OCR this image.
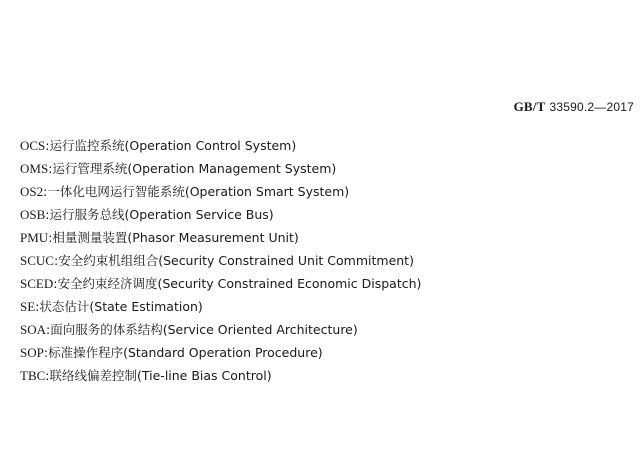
GB/T 33590.2—2017
OCS:运行监控系统(Operation Control System)
OMS:运行管理系统(Operation Management System)
OS2:一体化电网运行智能系统(Operation Smart System)
OSB:运行服务总线(Operation Service Bus)
PMU:相量测量装置(Phasor Measurement Unit)
SCUC:安全约束机组组合(Security Constrained Unit Commitment)
SCED:安全约束经济调度(Security Constrained Economic Dispatch)
SE:状态估计(State Estimation)
SOA:面向服务的体系结构(Service Oriented Architecture)
SOP:标准操作程序(Standard Operation Procedure)
TBC:联络线偏差控制(Tie-line Bias Control)
